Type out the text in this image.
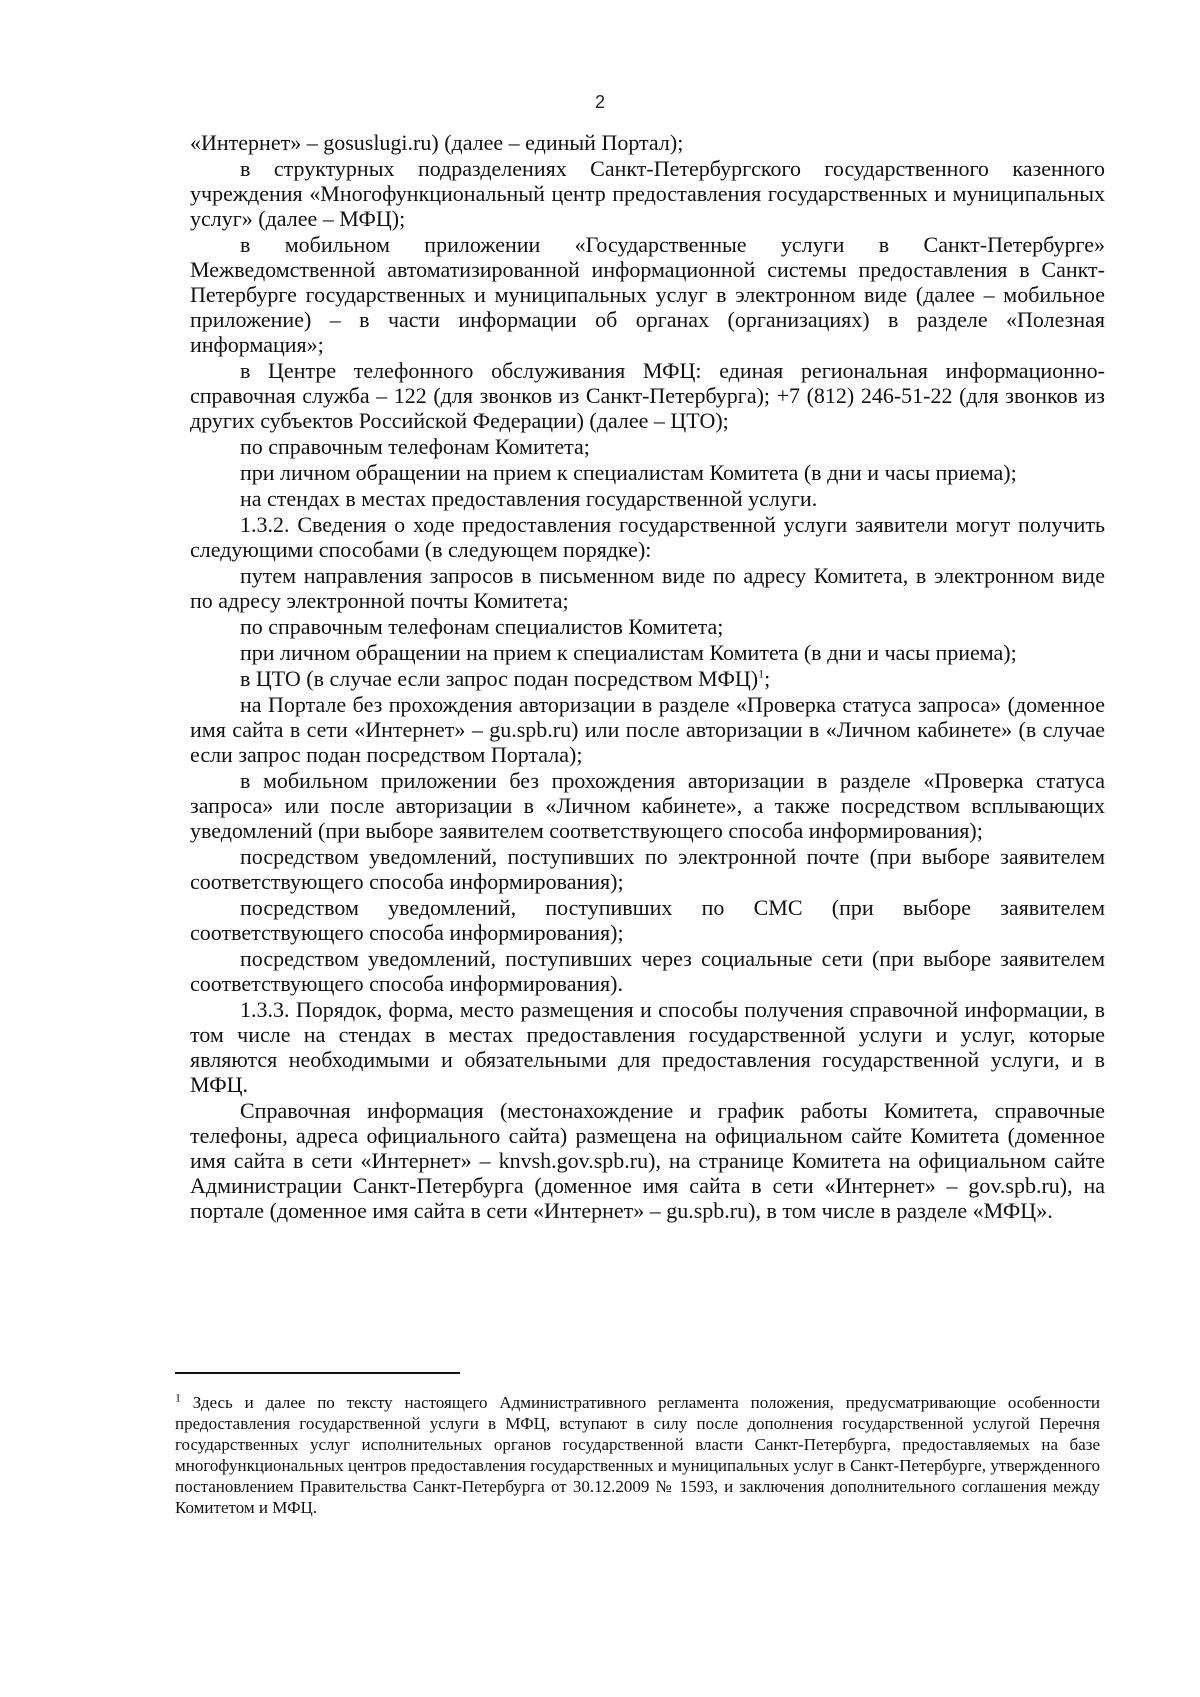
2

«Интернет» – gosuslugi.ru) (далее – единый Портал);

в структурных подразделениях Санкт-Петербургского государственного казенного учреждения «Многофункциональный центр предоставления государственных и муниципальных услуг» (далее – МФЦ);

в мобильном приложении «Государственные услуги в Санкт-Петербурге» Межведомственной автоматизированной информационной системы предоставления в Санкт-Петербурге государственных и муниципальных услуг в электронном виде (далее – мобильное приложение) – в части информации об органах (организациях) в разделе «Полезная информация»;

в Центре телефонного обслуживания МФЦ: единая региональная информационно-справочная служба – 122 (для звонков из Санкт-Петербурга); +7 (812) 246-51-22 (для звонков из других субъектов Российской Федерации) (далее – ЦТО);

по справочным телефонам Комитета;

при личном обращении на прием к специалистам Комитета (в дни и часы приема);

на стендах в местах предоставления государственной услуги.

1.3.2. Сведения о ходе предоставления государственной услуги заявители могут получить следующими способами (в следующем порядке):

путем направления запросов в письменном виде по адресу Комитета, в электронном виде по адресу электронной почты Комитета;

по справочным телефонам специалистов Комитета;

при личном обращении на прием к специалистам Комитета (в дни и часы приема);

в ЦТО (в случае если запрос подан посредством МФЦ)$^1$;

на Портале без прохождения авторизации в разделе «Проверка статуса запроса» (доменное имя сайта в сети «Интернет» – gu.spb.ru) или после авторизации в «Личном кабинете» (в случае если запрос подан посредством Портала);

в мобильном приложении без прохождения авторизации в разделе «Проверка статуса запроса» или после авторизации в «Личном кабинете», а также посредством всплывающих уведомлений (при выборе заявителем соответствующего способа информирования);

посредством уведомлений, поступивших по электронной почте (при выборе заявителем соответствующего способа информирования);

посредством уведомлений, поступивших по СМС (при выборе заявителем соответствующего способа информирования);

посредством уведомлений, поступивших через социальные сети (при выборе заявителем соответствующего способа информирования).

1.3.3. Порядок, форма, место размещения и способы получения справочной информации, в том числе на стендах в местах предоставления государственной услуги и услуг, которые являются необходимыми и обязательными для предоставления государственной услуги, и в МФЦ.

Справочная информация (местонахождение и график работы Комитета, справочные телефоны, адреса официального сайта) размещена на официальном сайте Комитета (доменное имя сайта в сети «Интернет» – knvsh.gov.spb.ru), на странице Комитета на официальном сайте Администрации Санкт-Петербурга (доменное имя сайта в сети «Интернет» – gov.spb.ru), на портале (доменное имя сайта в сети «Интернет» – gu.spb.ru), в том числе в разделе «МФЦ».

$^1$ Здесь и далее по тексту настоящего Административного регламента положения, предусматривающие особенности предоставления государственной услуги в МФЦ, вступают в силу после дополнения государственной услугой Перечня государственных услуг исполнительных органов государственной власти Санкт-Петербурга, предоставляемых на базе многофункциональных центров предоставления государственных и муниципальных услуг в Санкт-Петербурге, утвержденного постановлением Правительства Санкт-Петербурга от 30.12.2009 № 1593, и заключения дополнительного соглашения между Комитетом и МФЦ.
